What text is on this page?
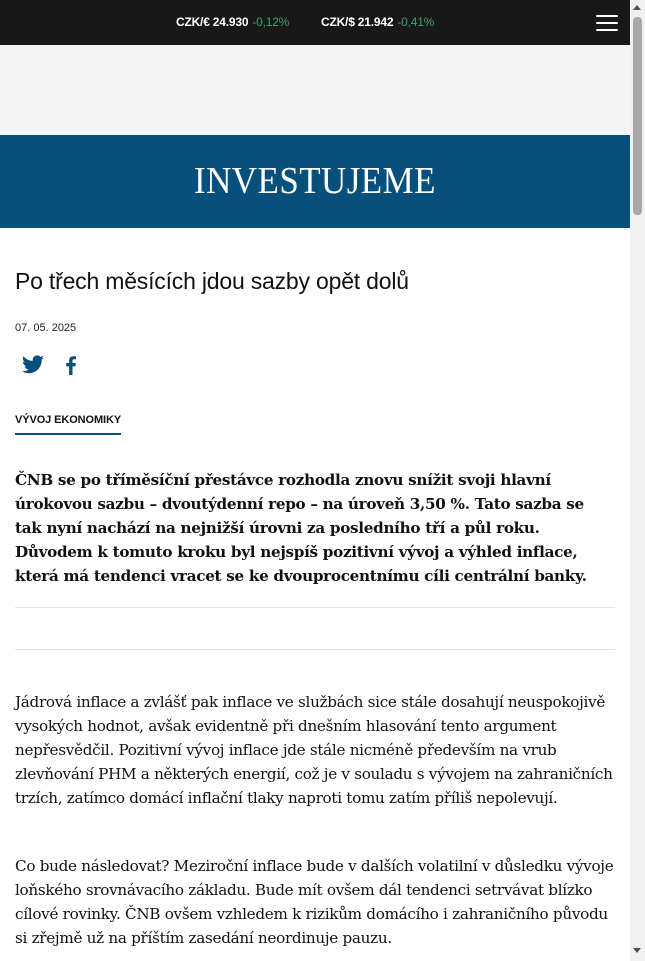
CZK/€ 24.930 -0,12%	CZK/$ 21.942 -0,41%
INVESTUJEME
Po třech měsících jdou sazby opět dolů
07. 05. 2025
VÝVOJ EKONOMIKY

ČNB se po tříměsíční přestávce rozhodla znovu snížit svoji hlavní úrokovou sazbu – dvoutýdenní repo – na úroveň 3,50 %. Tato sazba se tak nyní nachází na nejnižší úrovni za posledního tří a půl roku. Důvodem k tomuto kroku byl nejspíš pozitivní vývoj a výhled inflace, která má tendenci vracet se ke dvouprocentnímu cíli centrální banky.

Jádrová inflace a zvlášť pak inflace ve službách sice stále dosahují neuspokojivě vysokých hodnot, avšak evidentně při dnešním hlasování tento argument nepřesvědčil. Pozitivní vývoj inflace jde stále nicméně především na vrub zlevňování PHM a některých energií, což je v souladu s vývojem na zahraničních trzích, zatímco domácí inflační tlaky naproti tomu zatím příliš nepolevují.

Co bude následovat? Meziroční inflace bude v dalších volatilní v důsledku vývoje loňského srovnávacího základu. Bude mít ovšem dál tendenci setrvávat blízko cílové rovinky. ČNB ovšem vzhledem k rizikům domácího i zahraničního původu si zřejmě už na příštím zasedání neordinuje pauzu.
